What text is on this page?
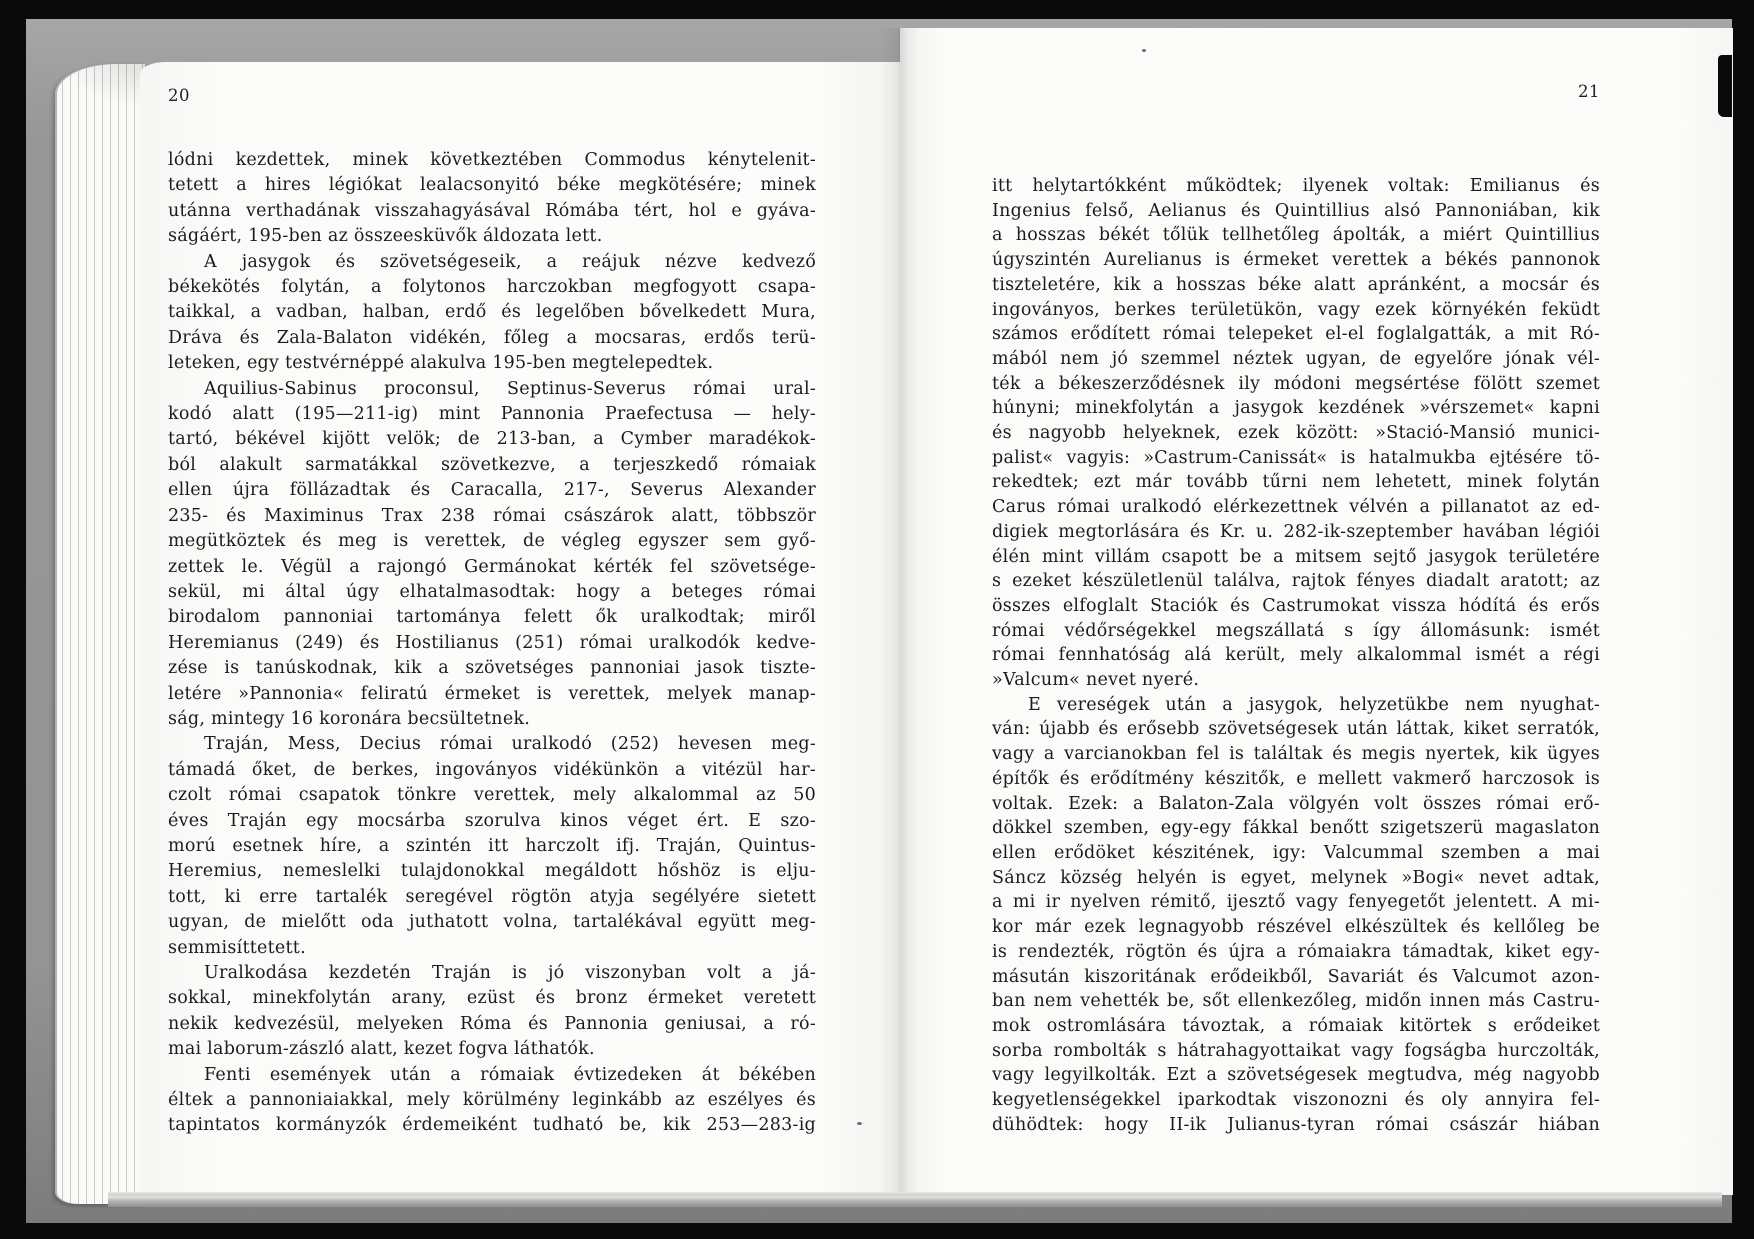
20
lódni kezdettek, minek következtében Commodus kénytelenit-
tetett a hires légiókat lealacsonyitó béke megkötésére; minek
utánna verthadának visszahagyásával Rómába tért, hol e gyáva-
ságáért, 195-ben az összeesküvők áldozata lett.
A jasygok és szövetségeseik, a reájuk nézve kedvező
békekötés folytán, a folytonos harczokban megfogyott csapa-
taikkal, a vadban, halban, erdő és legelőben bővelkedett Mura,
Dráva és Zala-Balaton vidékén, főleg a mocsaras, erdős terü-
leteken, egy testvérnéppé alakulva 195-ben megtelepedtek.
Aquilius-Sabinus proconsul, Septinus-Severus római ural-
kodó alatt (195—211-ig) mint Pannonia Praefectusa — hely-
tartó, békével kijött velök; de 213-ban, a Cymber maradékok-
ból alakult sarmatákkal szövetkezve, a terjeszkedő rómaiak
ellen újra föllázadtak és Caracalla, 217-, Severus Alexander
235- és Maximinus Trax 238 római császárok alatt, többször
megütköztek és meg is verettek, de végleg egyszer sem győ-
zettek le. Végül a rajongó Germánokat kérték fel szövetsége-
sekül, mi által úgy elhatalmasodtak: hogy a beteges római
birodalom pannoniai tartománya felett ők uralkodtak; miről
Heremianus (249) és Hostilianus (251) római uralkodók kedve-
zése is tanúskodnak, kik a szövetséges pannoniai jasok tiszte-
letére »Pannonia« feliratú érmeket is verettek, melyek manap-
ság, mintegy 16 koronára becsültetnek.
Traján, Mess, Decius római uralkodó (252) hevesen meg-
támadá őket, de berkes, ingoványos vidékünkön a vitézül har-
czolt római csapatok tönkre verettek, mely alkalommal az 50
éves Traján egy mocsárba szorulva kinos véget ért. E szo-
morú esetnek híre, a szintén itt harczolt ifj. Traján, Quintus-
Heremius, nemeslelki tulajdonokkal megáldott hőshöz is elju-
tott, ki erre tartalék seregével rögtön atyja segélyére sietett
ugyan, de mielőtt oda juthatott volna, tartalékával együtt meg-
semmisíttetett.
Uralkodása kezdetén Traján is jó viszonyban volt a já-
sokkal, minekfolytán arany, ezüst és bronz érmeket veretett
nekik kedvezésül, melyeken Róma és Pannonia geniusai, a ró-
mai laborum-zászló alatt, kezet fogva láthatók.
Fenti események után a rómaiak évtizedeken át békében
éltek a pannoniaiakkal, mely körülmény leginkább az eszélyes és
tapintatos kormányzók érdemeiként tudható be, kik 253—283-ig
21
itt helytartókként működtek; ilyenek voltak: Emilianus és
Ingenius felső, Aelianus és Quintillius alsó Pannoniában, kik
a hosszas békét tőlük tellhetőleg ápolták, a miért Quintillius
úgyszintén Aurelianus is érmeket verettek a békés pannonok
tiszteletére, kik a hosszas béke alatt apránként, a mocsár és
ingoványos, berkes területükön, vagy ezek környékén feküdt
számos erődített római telepeket el-el foglalgatták, a mit Ró-
mából nem jó szemmel néztek ugyan, de egyelőre jónak vél-
ték a békeszerződésnek ily módoni megsértése fölött szemet
húnyni; minekfolytán a jasygok kezdének »vérszemet« kapni
és nagyobb helyeknek, ezek között: »Stació-Mansió munici-
palist« vagyis: »Castrum-Canissát« is hatalmukba ejtésére tö-
rekedtek; ezt már tovább tűrni nem lehetett, minek folytán
Carus római uralkodó elérkezettnek vélvén a pillanatot az ed-
digiek megtorlására és Kr. u. 282-ik-szeptember havában légiói
élén mint villám csapott be a mitsem sejtő jasygok területére
s ezeket készületlenül találva, rajtok fényes diadalt aratott; az
összes elfoglalt Staciók és Castrumokat vissza hódítá és erős
római védőrségekkel megszállatá s így állomásunk: ismét
római fennhatóság alá került, mely alkalommal ismét a régi
»Valcum« nevet nyeré.
E vereségek után a jasygok, helyzetükbe nem nyughat-
ván: újabb és erősebb szövetségesek után láttak, kiket serratók,
vagy a varcianokban fel is találtak és megis nyertek, kik ügyes
építők és erődítmény készitők, e mellett vakmerő harczosok is
voltak. Ezek: a Balaton-Zala völgyén volt összes római erő-
dökkel szemben, egy-egy fákkal benőtt szigetszerü magaslaton
ellen erődöket készitének, igy: Valcummal szemben a mai
Sáncz község helyén is egyet, melynek »Bogi« nevet adtak,
a mi ir nyelven rémitő, ijesztő vagy fenyegetőt jelentett. A mi-
kor már ezek legnagyobb részével elkészültek és kellőleg be
is rendezték, rögtön és újra a rómaiakra támadtak, kiket egy-
másután kiszoritának erődeikből, Savariát és Valcumot azon-
ban nem vehették be, sőt ellenkezőleg, midőn innen más Castru-
mok ostromlására távoztak, a rómaiak kitörtek s erődeiket
sorba rombolták s hátrahagyottaikat vagy fogságba hurczolták,
vagy legyilkolták. Ezt a szövetségesek megtudva, még nagyobb
kegyetlenségekkel iparkodtak viszonozni és oly annyira fel-
dühödtek: hogy II-ik Julianus-tyran római császár hiában
